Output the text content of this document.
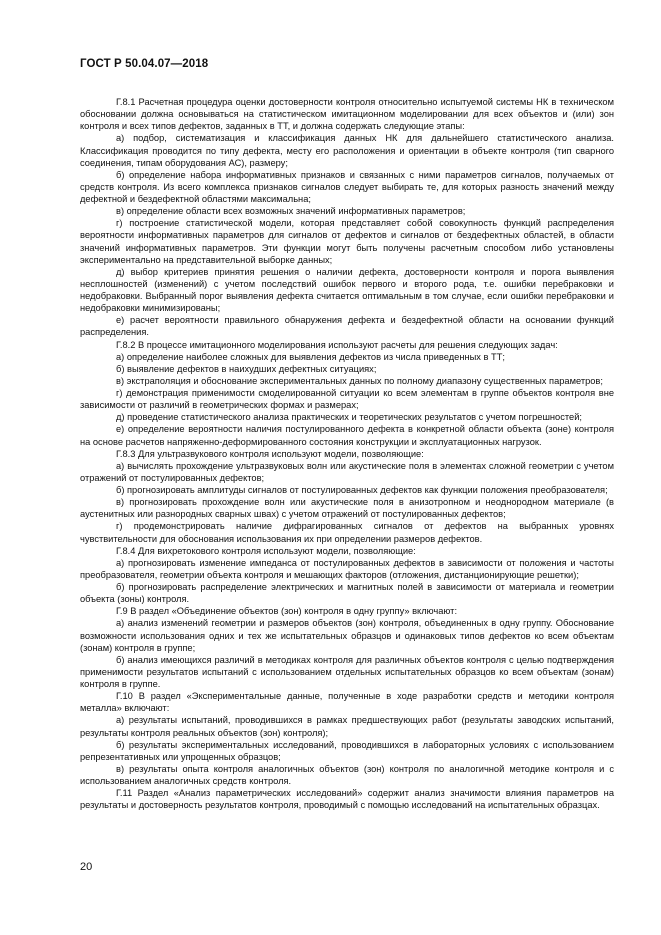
ГОСТ Р 50.04.07—2018

Г.8.1 Расчетная процедура оценки достоверности контроля относительно испытуемой системы НК в техническом обосновании должна основываться на статистическом имитационном моделировании для всех объектов и (или) зон контроля и всех типов дефектов, заданных в ТТ, и должна содержать следующие этапы:

а) подбор, систематизация и классификация данных НК для дальнейшего статистического анализа. Классификация проводится по типу дефекта, месту его расположения и ориентации в объекте контроля (тип сварного соединения, типам оборудования АС), размеру;

б) определение набора информативных признаков и связанных с ними параметров сигналов, получаемых от средств контроля. Из всего комплекса признаков сигналов следует выбирать те, для которых разность значений между дефектной и бездефектной областями максимальна;

в) определение области всех возможных значений информативных параметров;

г) построение статистической модели, которая представляет собой совокупность функций распределения вероятности информативных параметров для сигналов от дефектов и сигналов от бездефектных областей, в области значений информативных параметров. Эти функции могут быть получены расчетным способом либо установлены экспериментально на представительной выборке данных;

д) выбор критериев принятия решения о наличии дефекта, достоверности контроля и порога выявления несплошностей (изменений) с учетом последствий ошибок первого и второго рода, т.е. ошибки перебраковки и недобраковки. Выбранный порог выявления дефекта считается оптимальным в том случае, если ошибки перебраковки и недобраковки минимизированы;

е) расчет вероятности правильного обнаружения дефекта и бездефектной области на основании функций распределения.

Г.8.2 В процессе имитационного моделирования используют расчеты для решения следующих задач:

а) определение наиболее сложных для выявления дефектов из числа приведенных в ТТ;

б) выявление дефектов в наихудших дефектных ситуациях;

в) экстраполяция и обоснование экспериментальных данных по полному диапазону существенных параметров;

г) демонстрация применимости смоделированной ситуации ко всем элементам в группе объектов контроля вне зависимости от различий в геометрических формах и размерах;

д) проведение статистического анализа практических и теоретических результатов с учетом погрешностей;

е) определение вероятности наличия постулированного дефекта в конкретной области объекта (зоне) контроля на основе расчетов напряженно-деформированного состояния конструкции и эксплуатационных нагрузок.

Г.8.3 Для ультразвукового контроля используют модели, позволяющие:

а) вычислять прохождение ультразвуковых волн или акустические поля в элементах сложной геометрии с учетом отражений от постулированных дефектов;

б) прогнозировать амплитуды сигналов от постулированных дефектов как функции положения преобразователя;

в) прогнозировать прохождение волн или акустические поля в анизотропном и неоднородном материале (в аустенитных или разнородных сварных швах) с учетом отражений от постулированных дефектов;

г) продемонстрировать наличие дифрагированных сигналов от дефектов на выбранных уровнях чувствительности для обоснования использования их при определении размеров дефектов.

Г.8.4 Для вихретокового контроля используют модели, позволяющие:

а) прогнозировать изменение импеданса от постулированных дефектов в зависимости от положения и частоты преобразователя, геометрии объекта контроля и мешающих факторов (отложения, дистанционирующие решетки);

б) прогнозировать распределение электрических и магнитных полей в зависимости от материала и геометрии объекта (зоны) контроля.

Г.9 В раздел «Объединение объектов (зон) контроля в одну группу» включают:

а) анализ изменений геометрии и размеров объектов (зон) контроля, объединенных в одну группу. Обоснование возможности использования одних и тех же испытательных образцов и одинаковых типов дефектов ко всем объектам (зонам) контроля в группе;

б) анализ имеющихся различий в методиках контроля для различных объектов контроля с целью подтверждения применимости результатов испытаний с использованием отдельных испытательных образцов ко всем объектам (зонам) контроля в группе.

Г.10 В раздел «Экспериментальные данные, полученные в ходе разработки средств и методики контроля металла» включают:

а) результаты испытаний, проводившихся в рамках предшествующих работ (результаты заводских испытаний, результаты контроля реальных объектов (зон) контроля);

б) результаты экспериментальных исследований, проводившихся в лабораторных условиях с использованием репрезентативных или упрощенных образцов;

в) результаты опыта контроля аналогичных объектов (зон) контроля по аналогичной методике контроля и с использованием аналогичных средств контроля.

Г.11 Раздел «Анализ параметрических исследований» содержит анализ значимости влияния параметров на результаты и достоверность результатов контроля, проводимый с помощью исследований на испытательных образцах.

20
